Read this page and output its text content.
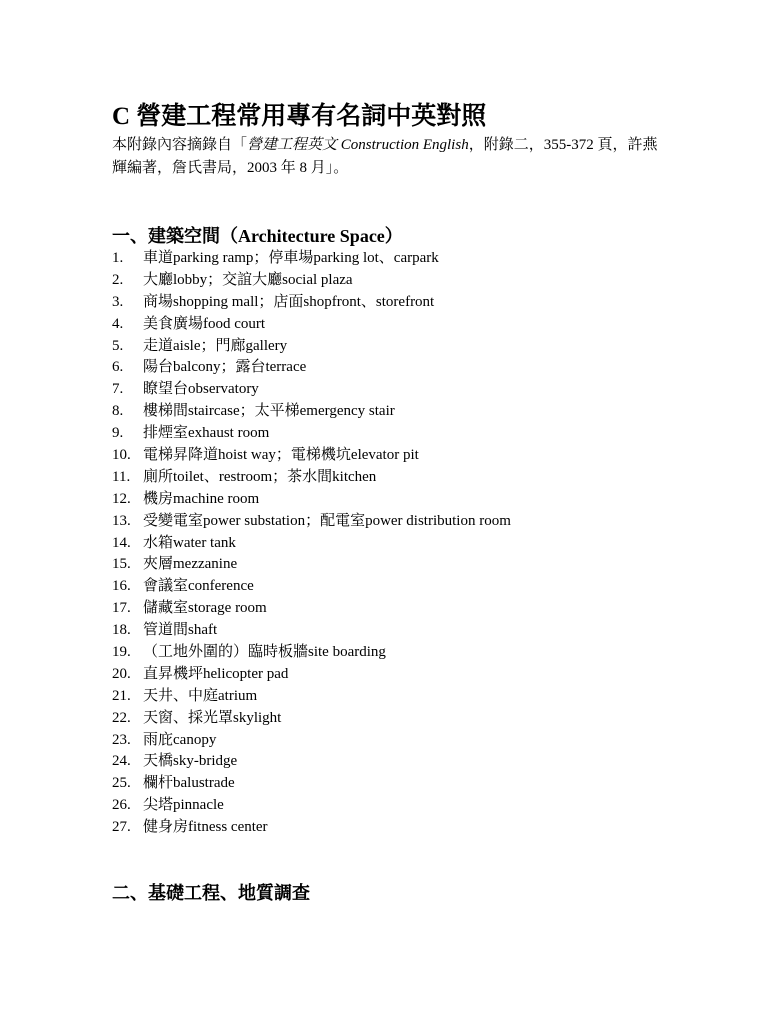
C 營建工程常用專有名詞中英對照

本附錄內容摘錄自「營建工程英文 Construction English，附錄二，355-372 頁，許燕輝編著，詹氏書局，2003 年 8 月」。

一、建築空間（Architecture Space）
1.	車道parking ramp；停車場parking lot、carpark
2.	大廳lobby；交誼大廳social plaza
3.	商場shopping mall；店面shopfront、storefront
4.	美食廣場food court
5.	走道aisle；門廊gallery
6.	陽台balcony；露台terrace
7.	瞭望台observatory
8.	樓梯間staircase；太平梯emergency stair
9.	排煙室exhaust room
10. 電梯昇降道hoist way；電梯機坑elevator pit
11. 廁所toilet、restroom；茶水間kitchen
12. 機房machine room
13. 受變電室power substation；配電室power distribution room
14. 水箱water tank
15. 夾層mezzanine
16. 會議室conference
17. 儲藏室storage room
18. 管道間shaft
19. （工地外圍的）臨時板牆site boarding
20. 直昇機坪helicopter pad
21. 天井、中庭atrium
22. 天窗、採光罩skylight
23. 雨庇canopy
24. 天橋sky-bridge
25. 欄杆balustrade
26. 尖塔pinnacle
27. 健身房fitness center
二、基礎工程、地質調查
